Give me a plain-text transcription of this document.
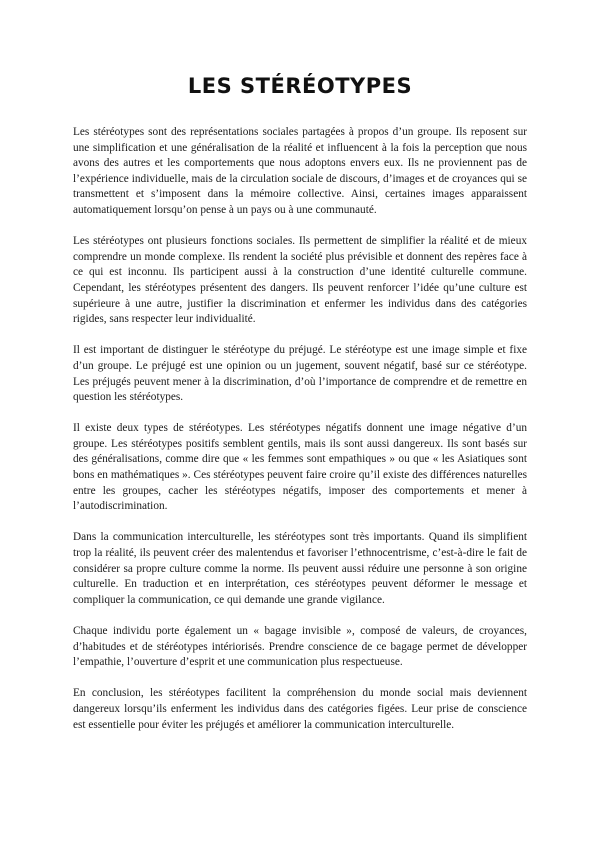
LES STÉRÉOTYPES

Les stéréotypes sont des représentations sociales partagées à propos d’un groupe. Ils reposent sur une simplification et une généralisation de la réalité et influencent à la fois la perception que nous avons des autres et les comportements que nous adoptons envers eux. Ils ne proviennent pas de l’expérience individuelle, mais de la circulation sociale de discours, d’images et de croyances qui se transmettent et s’imposent dans la mémoire collective. Ainsi, certaines images apparaissent automatiquement lorsqu’on pense à un pays ou à une communauté.

Les stéréotypes ont plusieurs fonctions sociales. Ils permettent de simplifier la réalité et de mieux comprendre un monde complexe. Ils rendent la société plus prévisible et donnent des repères face à ce qui est inconnu. Ils participent aussi à la construction d’une identité culturelle commune. Cependant, les stéréotypes présentent des dangers. Ils peuvent renforcer l’idée qu’une culture est supérieure à une autre, justifier la discrimination et enfermer les individus dans des catégories rigides, sans respecter leur individualité.

Il est important de distinguer le stéréotype du préjugé. Le stéréotype est une image simple et fixe d’un groupe. Le préjugé est une opinion ou un jugement, souvent négatif, basé sur ce stéréotype. Les préjugés peuvent mener à la discrimination, d’où l’importance de comprendre et de remettre en question les stéréotypes.

Il existe deux types de stéréotypes. Les stéréotypes négatifs donnent une image négative d’un groupe. Les stéréotypes positifs semblent gentils, mais ils sont aussi dangereux. Ils sont basés sur des généralisations, comme dire que « les femmes sont empathiques » ou que « les Asiatiques sont bons en mathématiques ». Ces stéréotypes peuvent faire croire qu’il existe des différences naturelles entre les groupes, cacher les stéréotypes négatifs, imposer des comportements et mener à l’autodiscrimination.

Dans la communication interculturelle, les stéréotypes sont très importants. Quand ils simplifient trop la réalité, ils peuvent créer des malentendus et favoriser l’ethnocentrisme, c’est-à-dire le fait de considérer sa propre culture comme la norme. Ils peuvent aussi réduire une personne à son origine culturelle. En traduction et en interprétation, ces stéréotypes peuvent déformer le message et compliquer la communication, ce qui demande une grande vigilance.

Chaque individu porte également un « bagage invisible », composé de valeurs, de croyances, d’habitudes et de stéréotypes intériorisés. Prendre conscience de ce bagage permet de développer l’empathie, l’ouverture d’esprit et une communication plus respectueuse.

En conclusion, les stéréotypes facilitent la compréhension du monde social mais deviennent dangereux lorsqu’ils enferment les individus dans des catégories figées. Leur prise de conscience est essentielle pour éviter les préjugés et améliorer la communication interculturelle.
